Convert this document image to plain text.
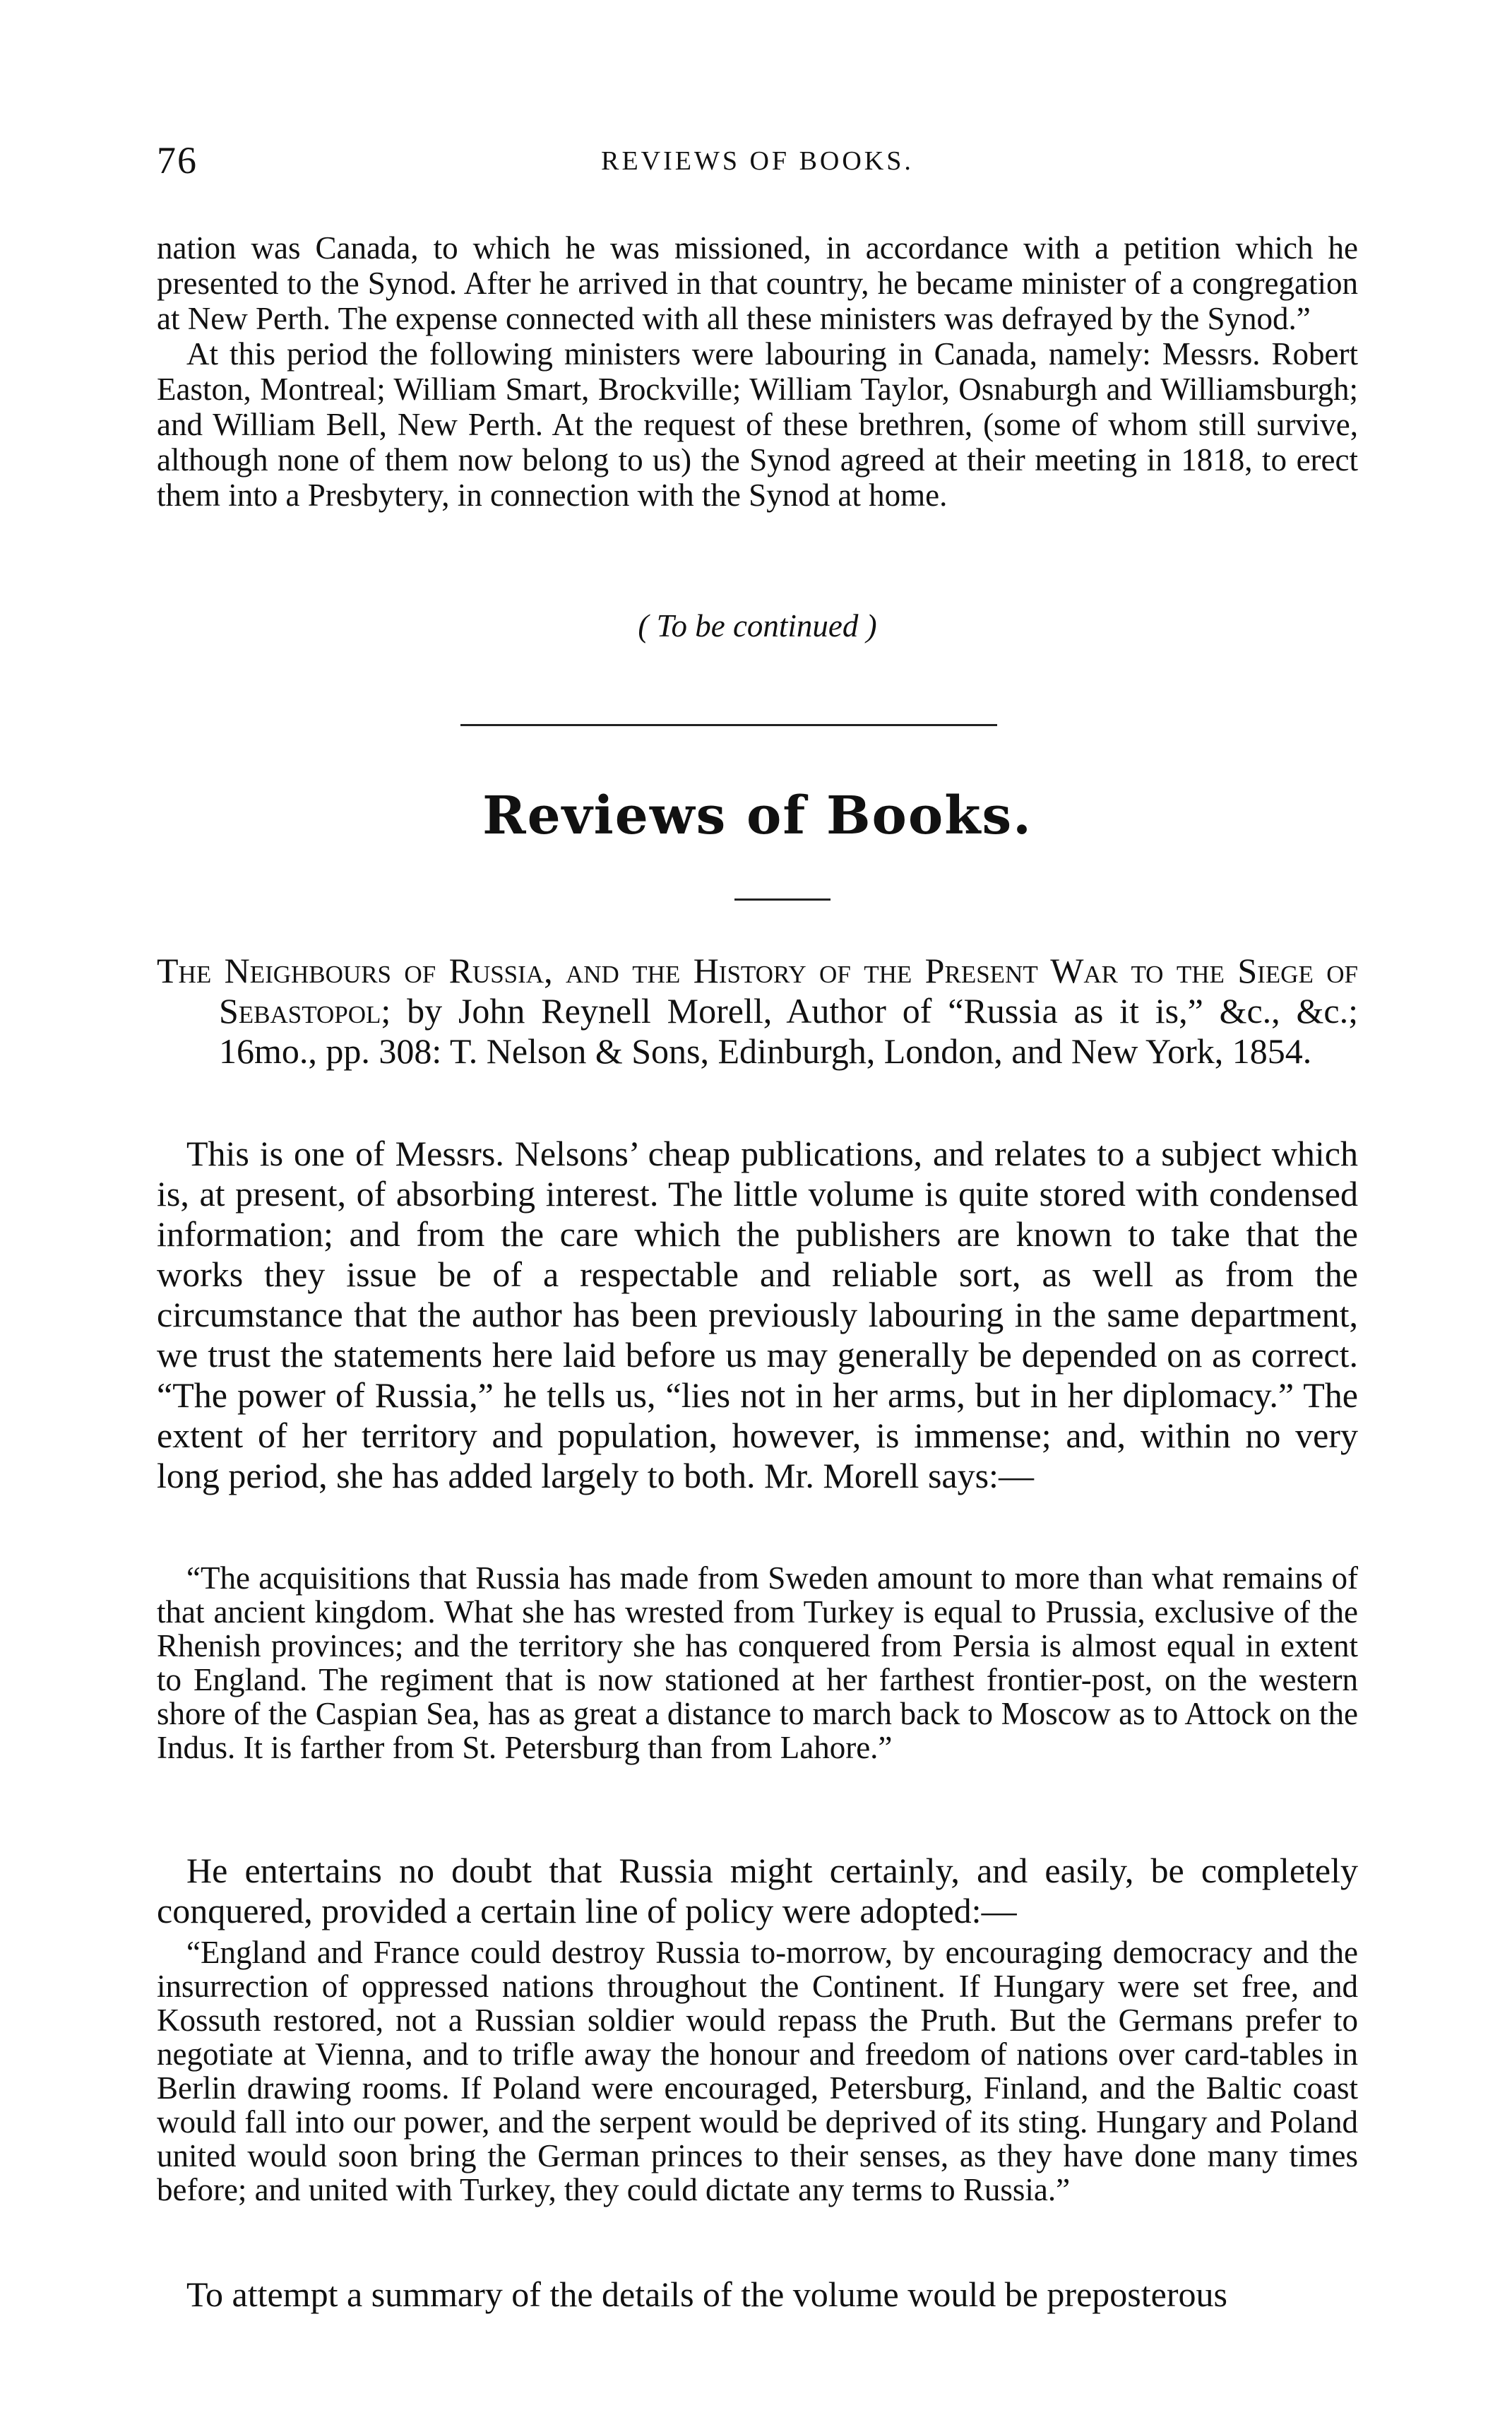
76	REVIEWS OF BOOKS.

nation was Canada, to which he was missioned, in accordance with a petition which he presented to the Synod. After he arrived in that country, he became minister of a congregation at New Perth. The expense connected with all these ministers was defrayed by the Synod.”

At this period the following ministers were labouring in Canada, namely: Messrs. Robert Easton, Montreal; William Smart, Brockville; William Taylor, Osnaburgh and Williamsburgh; and William Bell, New Perth. At the request of these brethren, (some of whom still survive, although none of them now belong to us) the Synod agreed at their meeting in 1818, to erect them into a Presbytery, in connection with the Synod at home.

( To be continued )
Reviews of Books.
The Neighbours of Russia, and the History of the Present War to the Siege of Sebastopol; by John Reynell Morell, Author of “Russia as it is,” &c., &c.; 16mo., pp. 308: T. Nelson & Sons, Edinburgh, London, and New York, 1854.

This is one of Messrs. Nelsons’ cheap publications, and relates to a subject which is, at present, of absorbing interest. The little volume is quite stored with condensed information; and from the care which the publishers are known to take that the works they issue be of a respectable and reliable sort, as well as from the circumstance that the author has been previously labouring in the same department, we trust the statements here laid before us may generally be depended on as correct. “The power of Russia,” he tells us, “lies not in her arms, but in her diplomacy.” The extent of her territory and population, however, is immense; and, within no very long period, she has added largely to both. Mr. Morell says:—

“The acquisitions that Russia has made from Sweden amount to more than what remains of that ancient kingdom. What she has wrested from Turkey is equal to Prussia, exclusive of the Rhenish provinces; and the territory she has conquered from Persia is almost equal in extent to England. The regiment that is now stationed at her farthest frontier-post, on the western shore of the Caspian Sea, has as great a distance to march back to Moscow as to Attock on the Indus. It is farther from St. Petersburg than from Lahore.”

He entertains no doubt that Russia might certainly, and easily, be completely conquered, provided a certain line of policy were adopted:—

“England and France could destroy Russia to-morrow, by encouraging democracy and the insurrection of oppressed nations throughout the Continent. If Hungary were set free, and Kossuth restored, not a Russian soldier would repass the Pruth. But the Germans prefer to negotiate at Vienna, and to trifle away the honour and freedom of nations over card-tables in Berlin drawing rooms. If Poland were encouraged, Petersburg, Finland, and the Baltic coast would fall into our power, and the serpent would be deprived of its sting. Hungary and Poland united would soon bring the German princes to their senses, as they have done many times before; and united with Turkey, they could dictate any terms to Russia.”

To attempt a summary of the details of the volume would be preposterous
